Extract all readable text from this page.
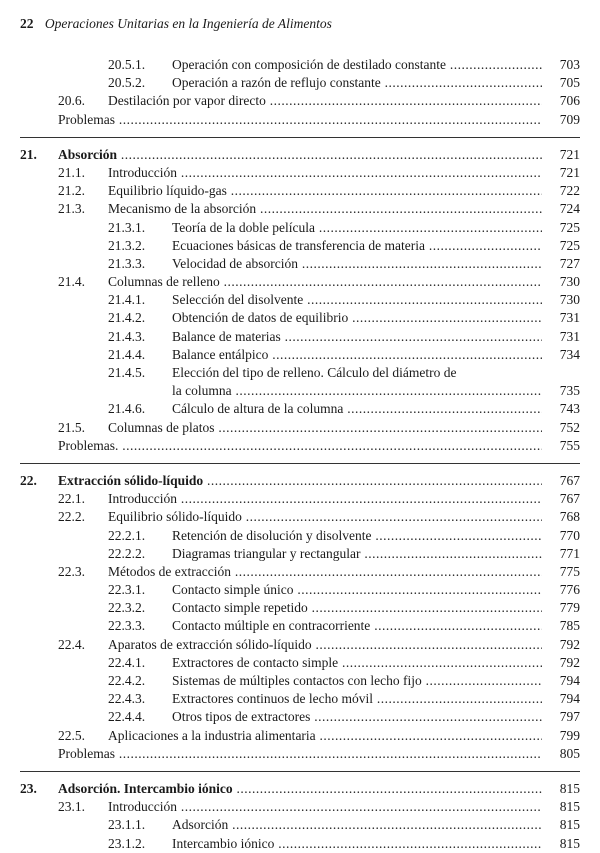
22 Operaciones Unitarias en la Ingeniería de Alimentos
20.5.1. Operación con composición de destilado constante .....	703
20.5.2. Operación a razón de reflujo constante .....	705
20.6. Destilación por vapor directo .....	706
Problemas .....	709
21. Absorción .....	721
21.1. Introducción .....	721
21.2. Equilibrio líquido-gas .....	722
21.3. Mecanismo de la absorción .....	724
21.3.1. Teoría de la doble película .....	725
21.3.2. Ecuaciones básicas de transferencia de materia .....	725
21.3.3. Velocidad de absorción .....	727
21.4. Columnas de relleno .....	730
21.4.1. Selección del disolvente .....	730
21.4.2. Obtención de datos de equilibrio .....	731
21.4.3. Balance de materias .....	731
21.4.4. Balance entálpico .....	734
21.4.5. Elección del tipo de relleno. Cálculo del diámetro de
la columna .....	735
21.4.6. Cálculo de altura de la columna .....	743
21.5. Columnas de platos .....	752
Problemas. .....	755
22. Extracción sólido-líquido .....	767
22.1. Introducción .....	767
22.2. Equilibrio sólido-líquido .....	768
22.2.1. Retención de disolución y disolvente .....	770
22.2.2. Diagramas triangular y rectangular .....	771
22.3. Métodos de extracción .....	775
22.3.1. Contacto simple único .....	776
22.3.2. Contacto simple repetido .....	779
22.3.3. Contacto múltiple en contracorriente .....	785
22.4. Aparatos de extracción sólido-líquido .....	792
22.4.1. Extractores de contacto simple .....	792
22.4.2. Sistemas de múltiples contactos con lecho fijo .....	794
22.4.3. Extractores continuos de lecho móvil .....	794
22.4.4. Otros tipos de extractores .....	797
22.5. Aplicaciones a la industria alimentaria .....	799
Problemas .....	805
23. Adsorción. Intercambio iónico .....	815
23.1. Introducción .....	815
23.1.1. Adsorción .....	815
23.1.2. Intercambio iónico .....	815
